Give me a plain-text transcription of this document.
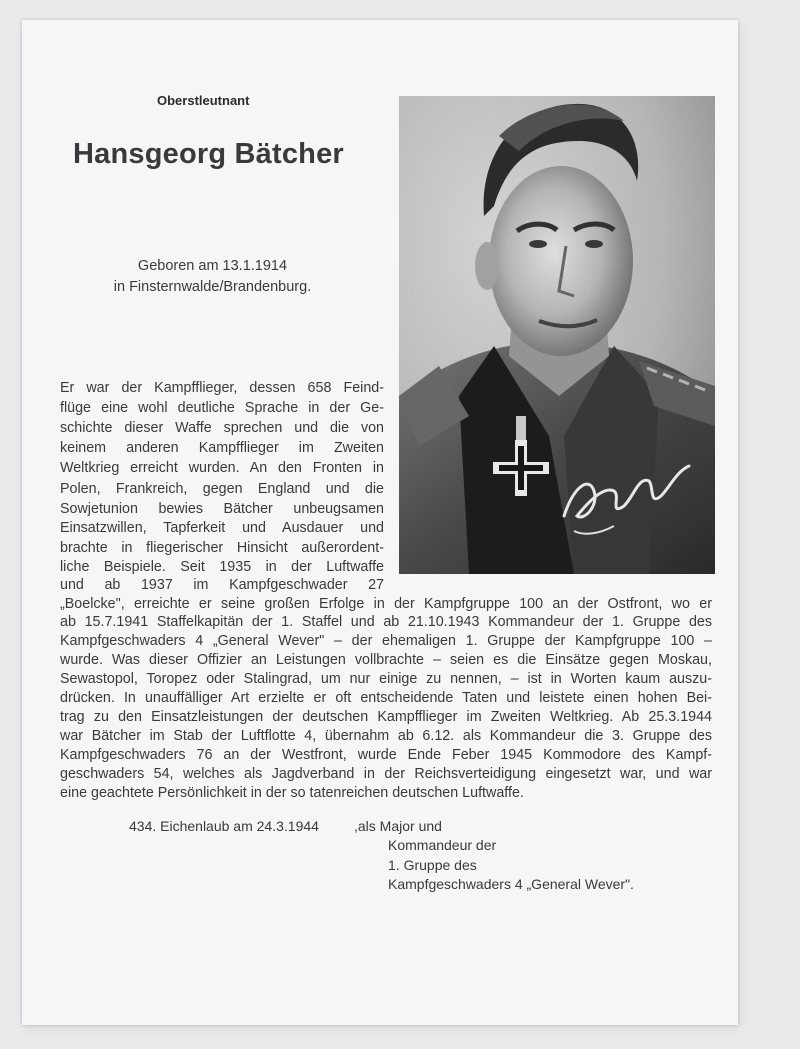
Oberstleutnant
Hansgeorg Bätcher
Geboren am 13.1.1914
in Finsternwalde/Brandenburg.
Er war der Kampfflieger, dessen 658 Feind-
flüge eine wohl deutliche Sprache in der Ge-
schichte dieser Waffe sprechen und die von
keinem anderen Kampfflieger im Zweiten
Weltkrieg erreicht wurden. An den Fronten in
Polen, Frankreich, gegen England und die
Sowjetunion bewies Bätcher unbeugsamen
Einsatzwillen, Tapferkeit und Ausdauer und
brachte in fliegerischer Hinsicht außerordent-
liche Beispiele. Seit 1935 in der Luftwaffe
und ab 1937 im Kampfgeschwader 27
„Boelcke", erreichte er seine großen Erfolge in der Kampfgruppe 100 an der Ostfront, wo er
ab 15.7.1941 Staffelkapitän der 1. Staffel und ab 21.10.1943 Kommandeur der 1. Gruppe des
Kampfgeschwaders 4 „General Wever" – der ehemaligen 1. Gruppe der Kampfgruppe 100 –
wurde. Was dieser Offizier an Leistungen vollbrachte – seien es die Einsätze gegen Moskau,
Sewastopol, Toropez oder Stalingrad, um nur einige zu nennen, – ist in Worten kaum auszu-
drücken. In unauffälliger Art erzielte er oft entscheidende Taten und leistete einen hohen Bei-
trag zu den Einsatzleistungen der deutschen Kampfflieger im Zweiten Weltkrieg. Ab 25.3.1944
war Bätcher im Stab der Luftflotte 4, übernahm ab 6.12. als Kommandeur die 3. Gruppe des
Kampfgeschwaders 76 an der Westfront, wurde Ende Feber 1945 Kommodore des Kampf-
geschwaders 54, welches als Jagdverband in der Reichsverteidigung eingesetzt war, und war
eine geachtete Persönlichkeit in der so tatenreichen deutschen Luftwaffe.
434. Eichenlaub am 24.3.1944	,als Major und
Kommandeur der
1. Gruppe des
Kampfgeschwaders 4 „General Wever".
